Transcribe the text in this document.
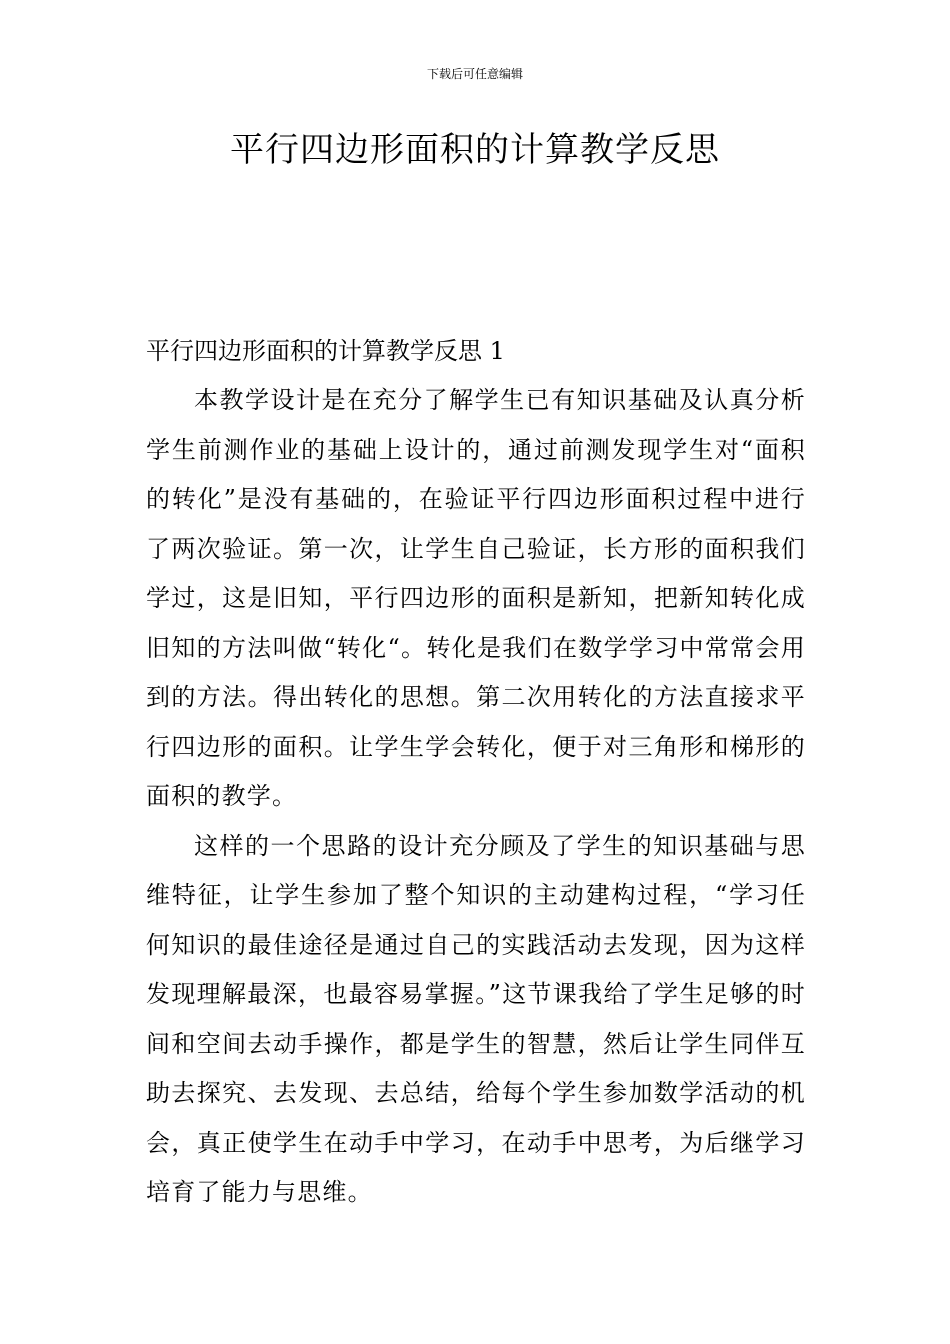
下载后可任意编辑
平行四边形面积的计算教学反思

平行四边形面积的计算教学反思 1

本教学设计是在充分了解学生已有知识基础及认真分析学生前测作业的基础上设计的，通过前测发现学生对“面积的转化”是没有基础的，在验证平行四边形面积过程中进行了两次验证。第一次，让学生自己验证，长方形的面积我们学过，这是旧知，平行四边形的面积是新知，把新知转化成旧知的方法叫做“转化“。转化是我们在数学学习中常常会用到的方法。得出转化的思想。第二次用转化的方法直接求平行四边形的面积。让学生学会转化，便于对三角形和梯形的面积的教学。

这样的一个思路的设计充分顾及了学生的知识基础与思维特征，让学生参加了整个知识的主动建构过程，“学习任何知识的最佳途径是通过自己的实践活动去发现，因为这样发现理解最深，也最容易掌握。”这节课我给了学生足够的时间和空间去动手操作，都是学生的智慧，然后让学生同伴互助去探究、去发现、去总结，给每个学生参加数学活动的机会，真正使学生在动手中学习，在动手中思考，为后继学习培育了能力与思维。
